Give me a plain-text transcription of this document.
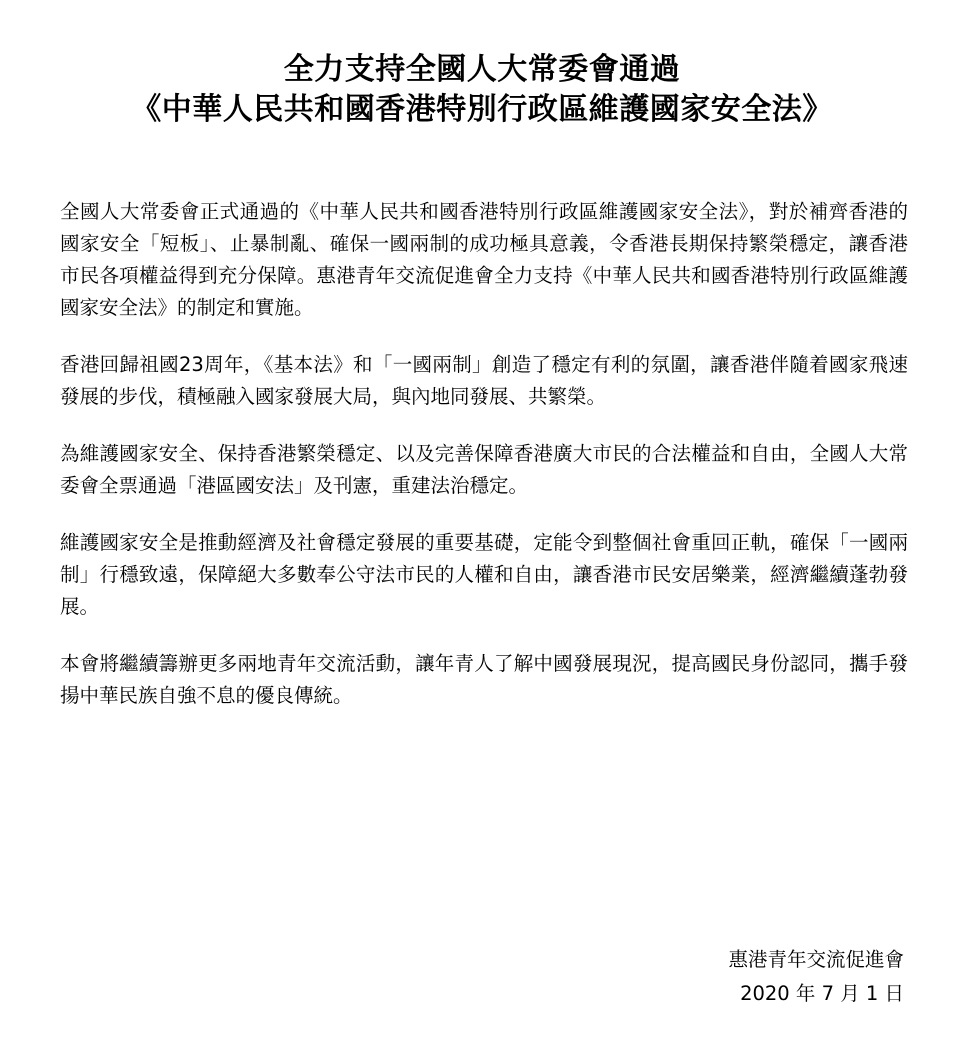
全力支持全國人大常委會通過
《中華人民共和國香港特別行政區維護國家安全法》

全國人大常委會正式通過的《中華人民共和國香港特別行政區維護國家安全法》，對於補齊香港的國家安全「短板」、止暴制亂、確保一國兩制的成功極具意義，令香港長期保持繁榮穩定，讓香港市民各項權益得到充分保障。惠港青年交流促進會全力支持《中華人民共和國香港特別行政區維護國家安全法》的制定和實施。

香港回歸祖國23周年，《基本法》和「一國兩制」創造了穩定有利的氛圍，讓香港伴隨着國家飛速發展的步伐，積極融入國家發展大局，與內地同發展、共繁榮。

為維護國家安全、保持香港繁榮穩定、以及完善保障香港廣大市民的合法權益和自由，全國人大常委會全票通過「港區國安法」及刊憲，重建法治穩定。

維護國家安全是推動經濟及社會穩定發展的重要基礎，定能令到整個社會重回正軌，確保「一國兩制」行穩致遠，保障絕大多數奉公守法市民的人權和自由，讓香港市民安居樂業，經濟繼續蓬勃發展。

本會將繼續籌辦更多兩地青年交流活動，讓年青人了解中國發展現況，提高國民身份認同，攜手發揚中華民族自強不息的優良傳統。

惠港青年交流促進會
2020 年 7 月 1 日
